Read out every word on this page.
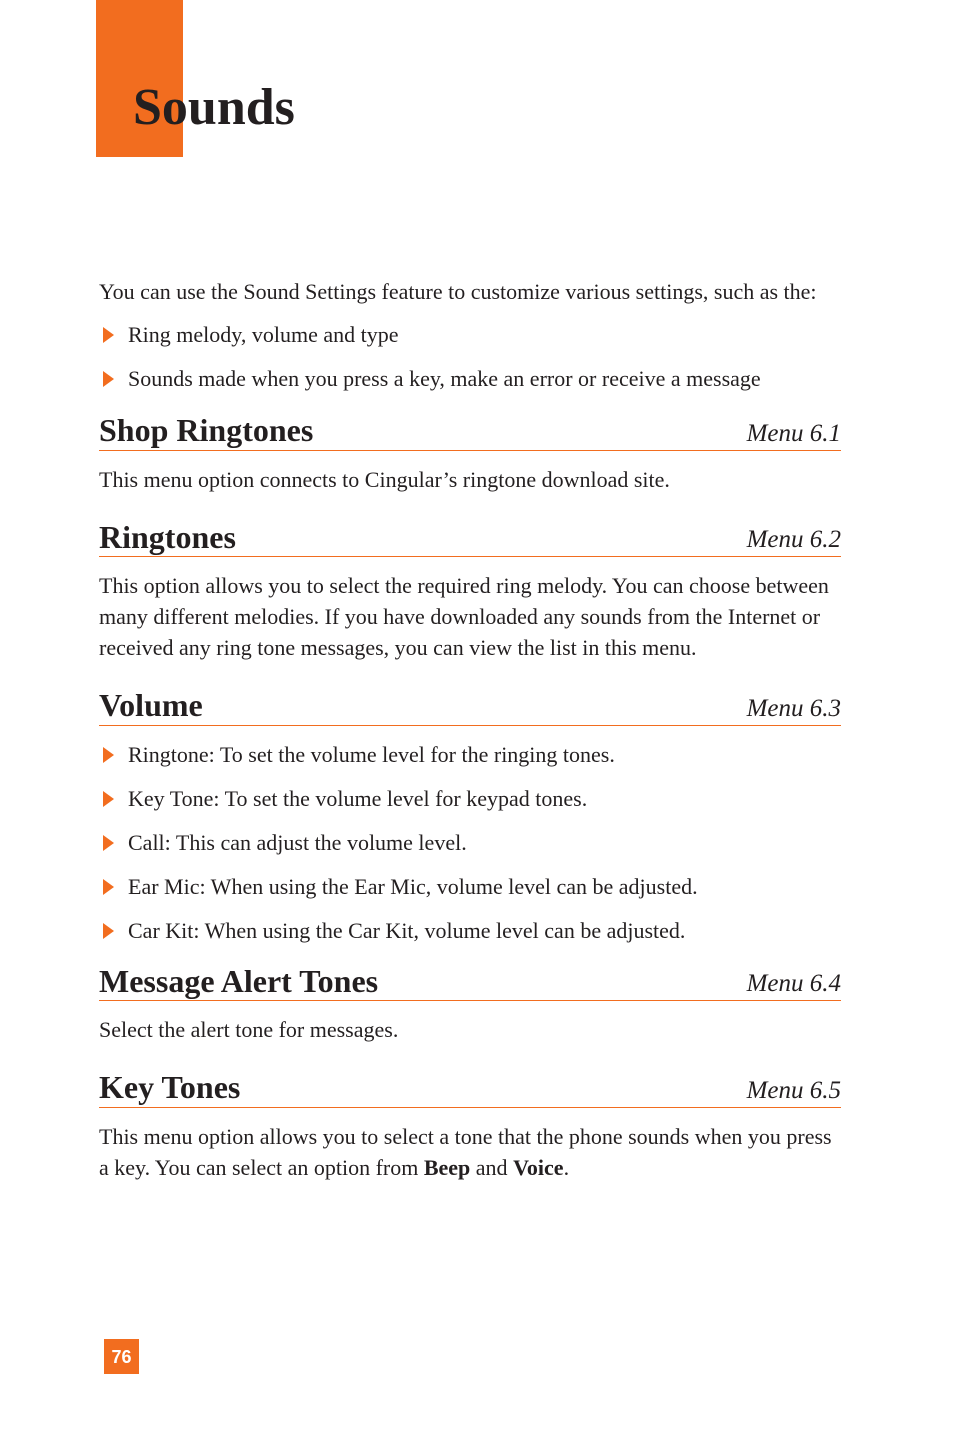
Sounds

You can use the Sound Settings feature to customize various settings, such as the:

Ring melody, volume and type
Sounds made when you press a key, make an error or receive a message
Shop Ringtones	Menu 6.1

This menu option connects to Cingular’s ringtone download site.

Ringtones	Menu 6.2

This option allows you to select the required ring melody. You can choose between many different melodies. If you have downloaded any sounds from the Internet or received any ring tone messages, you can view the list in this menu.

Volume	Menu 6.3
Ringtone: To set the volume level for the ringing tones.
Key Tone: To set the volume level for keypad tones.
Call: This can adjust the volume level.
Ear Mic: When using the Ear Mic, volume level can be adjusted.
Car Kit: When using the Car Kit, volume level can be adjusted.
Message Alert Tones	Menu 6.4

Select the alert tone for messages.

Key Tones	Menu 6.5

This menu option allows you to select a tone that the phone sounds when you press a key. You can select an option from Beep and Voice.

76
